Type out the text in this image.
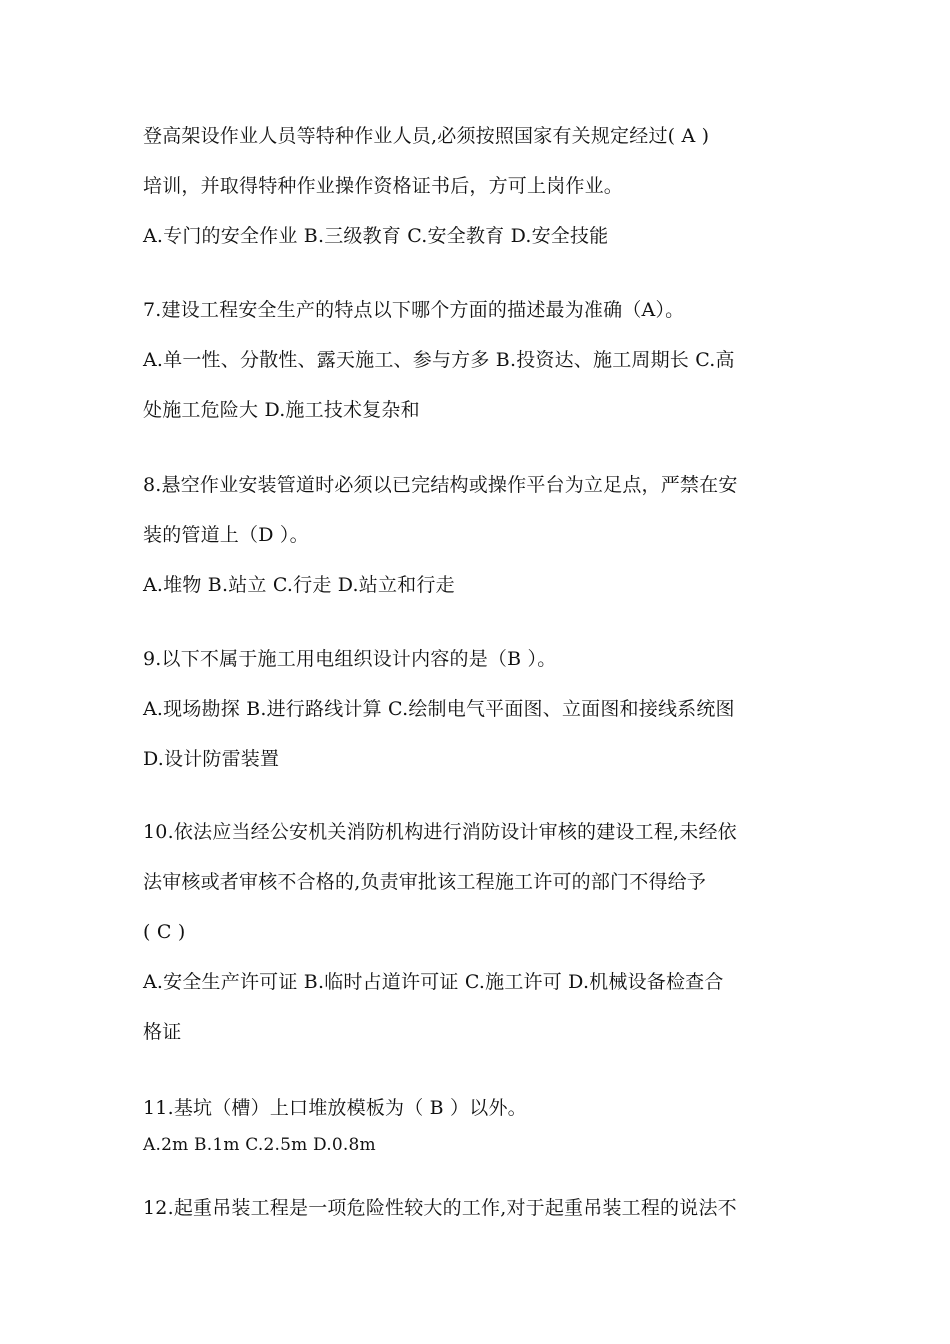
登高架设作业人员等特种作业人员,必须按照国家有关规定经过( A )
培训，并取得特种作业操作资格证书后，方可上岗作业。
A.专门的安全作业 B.三级教育 C.安全教育 D.安全技能
7.建设工程安全生产的特点以下哪个方面的描述最为准确（A）。
A.单一性、分散性、露天施工、参与方多 B.投资达、施工周期长 C.高
处施工危险大 D.施工技术复杂和
8.悬空作业安装管道时必须以已完结构或操作平台为立足点，严禁在安
装的管道上（D ）。
A.堆物 B.站立 C.行走 D.站立和行走
9.以下不属于施工用电组织设计内容的是（B ）。
A.现场勘探 B.进行路线计算 C.绘制电气平面图、立面图和接线系统图
D.设计防雷装置
10.依法应当经公安机关消防机构进行消防设计审核的建设工程,未经依
法审核或者审核不合格的,负责审批该工程施工许可的部门不得给予
( C )
A.安全生产许可证 B.临时占道许可证 C.施工许可 D.机械设备检查合
格证
11.基坑（槽）上口堆放模板为（ B ）以外。
A.2m B.1m C.2.5m D.0.8m
12.起重吊装工程是一项危险性较大的工作,对于起重吊装工程的说法不
